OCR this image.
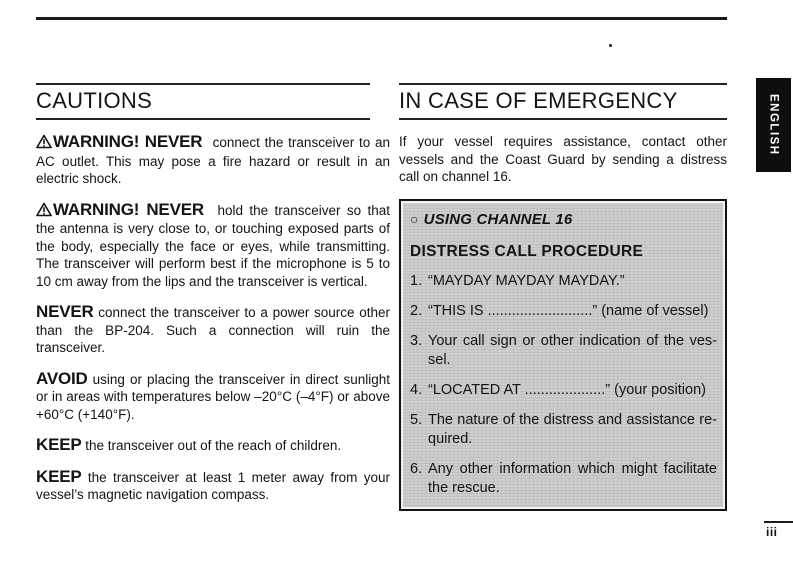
CAUTIONS

WARNING! NEVER connect the transceiver to an AC outlet. This may pose a fire hazard or result in an electric shock.

WARNING! NEVER hold the transceiver so that the antenna is very close to, or touching exposed parts of the body, especially the face or eyes, while transmitting. The transceiver will perform best if the microphone is 5 to 10 cm away from the lips and the transceiver is vertical.

NEVER connect the transceiver to a power source other than the BP-204. Such a connection will ruin the transceiver.

AVOID using or placing the transceiver in direct sunlight or in areas with temperatures below –20°C (–4°F) or above +60°C (+140°F).

KEEP the transceiver out of the reach of children.

KEEP the transceiver at least 1 meter away from your vessel’s magnetic navigation compass.

IN CASE OF EMERGENCY

If your vessel requires assistance, contact other vessels and the Coast Guard by sending a distress call on channel 16.

○ USING CHANNEL 16

DISTRESS CALL PROCEDURE

1. “MAYDAY MAYDAY MAYDAY.”
2. “THIS IS ..........................” (name of vessel)
3. Your call sign or other indication of the vessel.
4. “LOCATED AT ....................” (your position)
5. The nature of the distress and assistance required.
6. Any other information which might facilitate the rescue.
ENGLISH
iii
